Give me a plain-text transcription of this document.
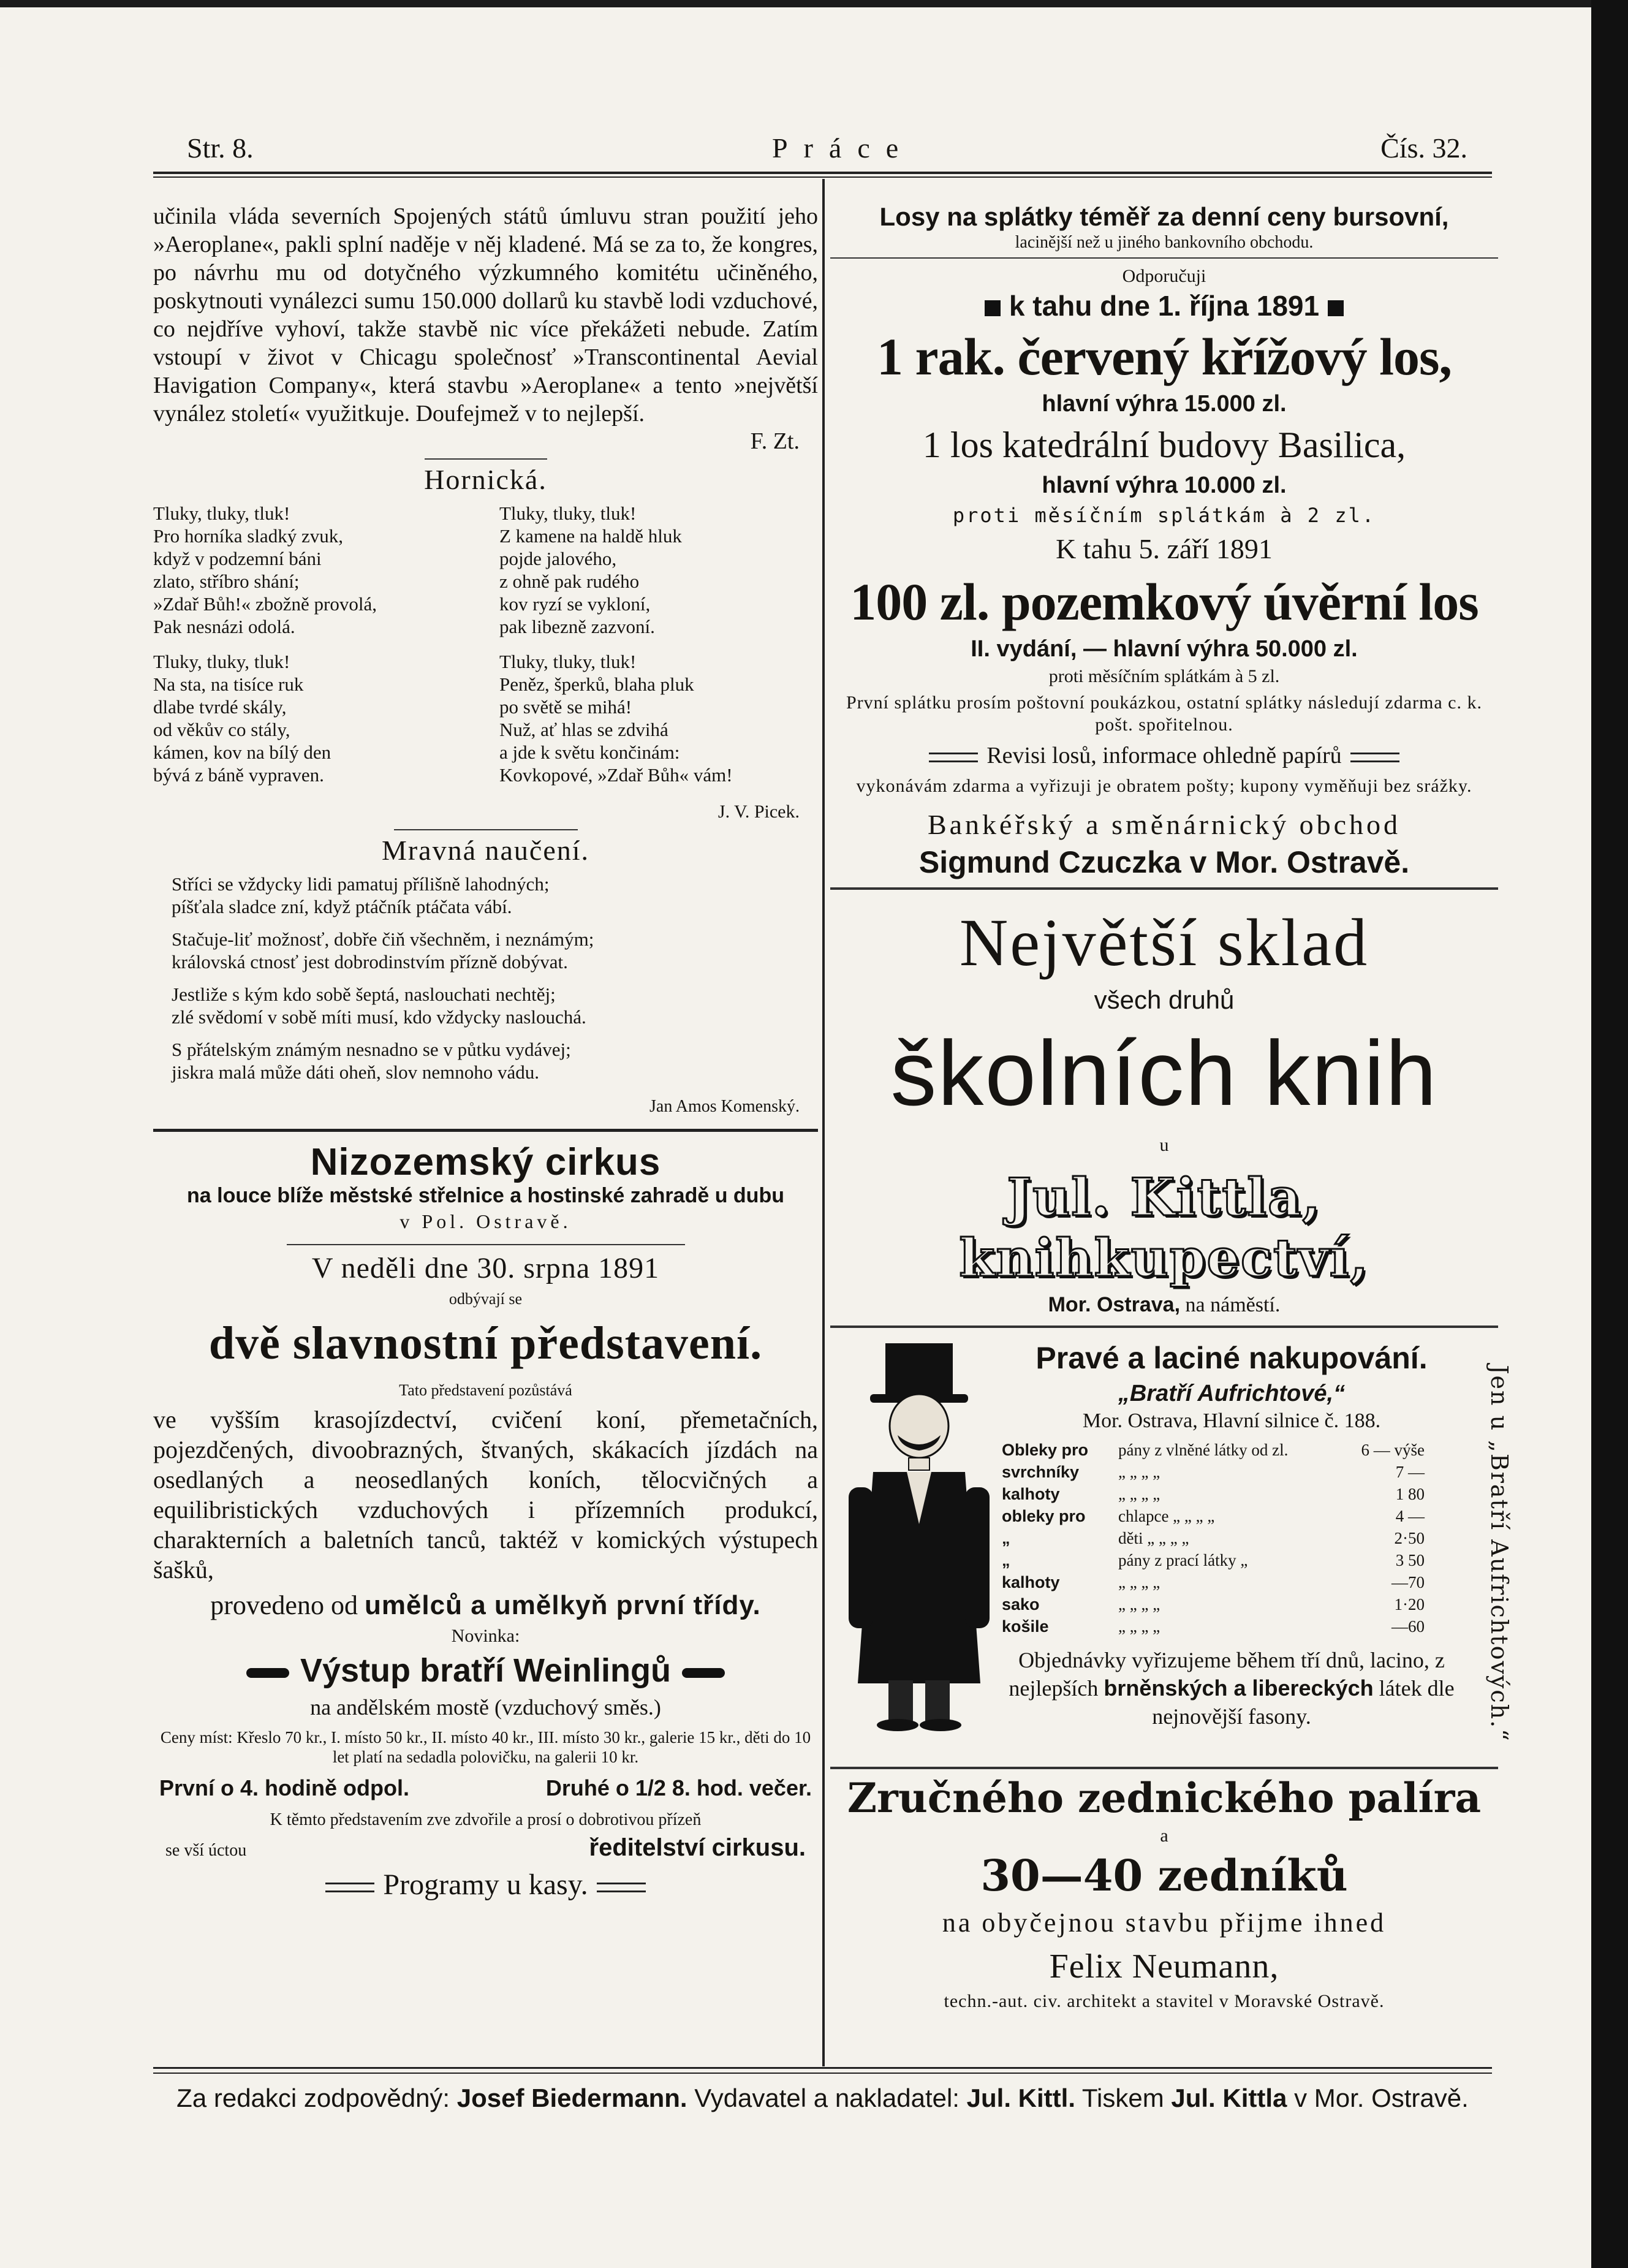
Str. 8.	Práce	Čís. 32.

učinila vláda severních Spojených států úmluvu stran použití jeho »Aeroplane«, pakli splní naděje v něj kladené. Má se za to, že kongres, po návrhu mu od dotyčného výzkumného komitétu učiněného, poskytnouti vynálezci sumu 150.000 dollarů ku stavbě lodi vzduchové, co nejdříve vyhoví, takže stavbě nic více překážeti nebude. Zatím vstoupí v život v Chicagu společnosť »Transcontinental Aevial Havigation Company«, která stavbu »Aeroplane« a tento »největší vynález století« využitkuje. Doufejmež v to nejlepší.

F. Zt.

Hornická.

Tluky, tluky, tluk!
Pro horníka sladký zvuk,
když v podzemní báni
zlato, stříbro shání;
»Zdař Bůh!« zbožně provolá,
Pak nesnázi odolá.
Tluky, tluky, tluk!
Na sta, na tisíce ruk
dlabe tvrdé skály,
od věkův co stály,
kámen, kov na bílý den
bývá z báně vypraven.
Tluky, tluky, tluk!
Z kamene na haldě hluk
pojde jalového,
z ohně pak rudého
kov ryzí se vykloní,
pak libezně zazvoní.
Tluky, tluky, tluk!
Peněz, šperků, blaha pluk
po světě se mihá!
Nuž, ať hlas se zdvihá
a jde k světu končinám:
Kovkopové, »Zdař Bůh« vám!

J. V. Picek.

Mravná naučení.

Stříci se vždycky lidi pamatuj přílišně lahodných;
píšťala sladce zní, když ptáčník ptáčata vábí.
Stačuje-liť možnosť, dobře čiň všechněm, i neznámým;
královská ctnosť jest dobrodinstvím přízně dobývat.
Jestliže s kým kdo sobě šeptá, naslouchati nechtěj;
zlé svědomí v sobě míti musí, kdo vždycky naslouchá.
S přátelským známým nesnadno se v půtku vydávej;
jiskra malá může dáti oheň, slov nemnoho vádu.

Jan Amos Komenský.

Nizozemský cirkus

na louce blíže městské střelnice a hostinské zahradě u dubu

v Pol. Ostravě.

V neděli dne 30. srpna 1891

odbývají se

dvě slavnostní představení.

Tato představení pozůstává

ve vyšším krasojízdectví, cvičení koní, přemetačních, pojezdčených, divoobrazných, štvaných, skákacích jízdách na osedlaných a neosedlaných koních, tělocvičných a equilibristických vzduchových i přízemních produkcí, charakterních a baletních tanců, taktéž v komických výstupech šašků,

provedeno od umělců a umělkyň první třídy.

Novinka:

Výstup bratří Weinlingů

na andělském mostě (vzduchový směs.)

Ceny míst: Křeslo 70 kr., I. místo 50 kr., II. místo 40 kr., III. místo 30 kr., galerie 15 kr., děti do 10 let platí na sedadla polovičku, na galerii 10 kr.

První o 4. hodině odpol.	Druhé o 1/2 8. hod. večer.

K těmto představením zve zdvořile a prosí o dobrotivou přízeň

se vší úctou	ředitelství cirkusu.

Programy u kasy.

Losy na splátky téměř za denní ceny bursovní,

lacinější než u jiného bankovního obchodu.

Odporučuji

k tahu dne 1. října 1891

1 rak. červený křížový los,

hlavní výhra 15.000 zl.

1 los katedrální budovy Basilica,

hlavní výhra 10.000 zl.

proti měsíčním splátkám à 2 zl.

K tahu 5. září 1891

100 zl. pozemkový úvěrní los

II. vydání, — hlavní výhra 50.000 zl.

proti měsíčním splátkám à 5 zl.

První splátku prosím poštovní poukázkou, ostatní splátky následují zdarma c. k. pošt. spořitelnou.

Revisi losů, informace ohledně papírů

vykonávám zdarma a vyřizuji je obratem pošty; kupony vyměňuji bez srážky.

Bankéřský a směnárnický obchod

Sigmund Czuczka v Mor. Ostravě.

Největší sklad

všech druhů

školních knih

u

Jul. Kittla, knihkupectví,

Mor. Ostrava, na náměstí.

Pravé a laciné nakupování.

„Bratří Aufrichtové,“

Mor. Ostrava, Hlavní silnice č. 188.

Obleky pro	pány z vlněné látky od zl.	6 — výše
svrchníky	„ „ „ „	7 —
kalhoty	„ „ „ „	1 80
obleky pro	chlapce „ „ „ „	4 —
„	děti „ „ „ „	2·50
„	pány z prací látky „	3 50
kalhoty	„ „ „ „	—70
sako	„ „ „ „	1·20
košile	„ „ „ „	—60

Objednávky vyřizujeme během tří dnů, lacino, z nejlepších brněnských a libereckých látek dle nejnovější fasony.

Zručného zednického palíra

a

30—40 zedníků

na obyčejnou stavbu přijme ihned

Felix Neumann,

techn.-aut. civ. architekt a stavitel v Moravské Ostravě.

Jen u „Bratří Aufrichtových.“
Za redakci zodpovědný: Josef Biedermann. Vydavatel a nakladatel: Jul. Kittl. Tiskem Jul. Kittla v Mor. Ostravě.
